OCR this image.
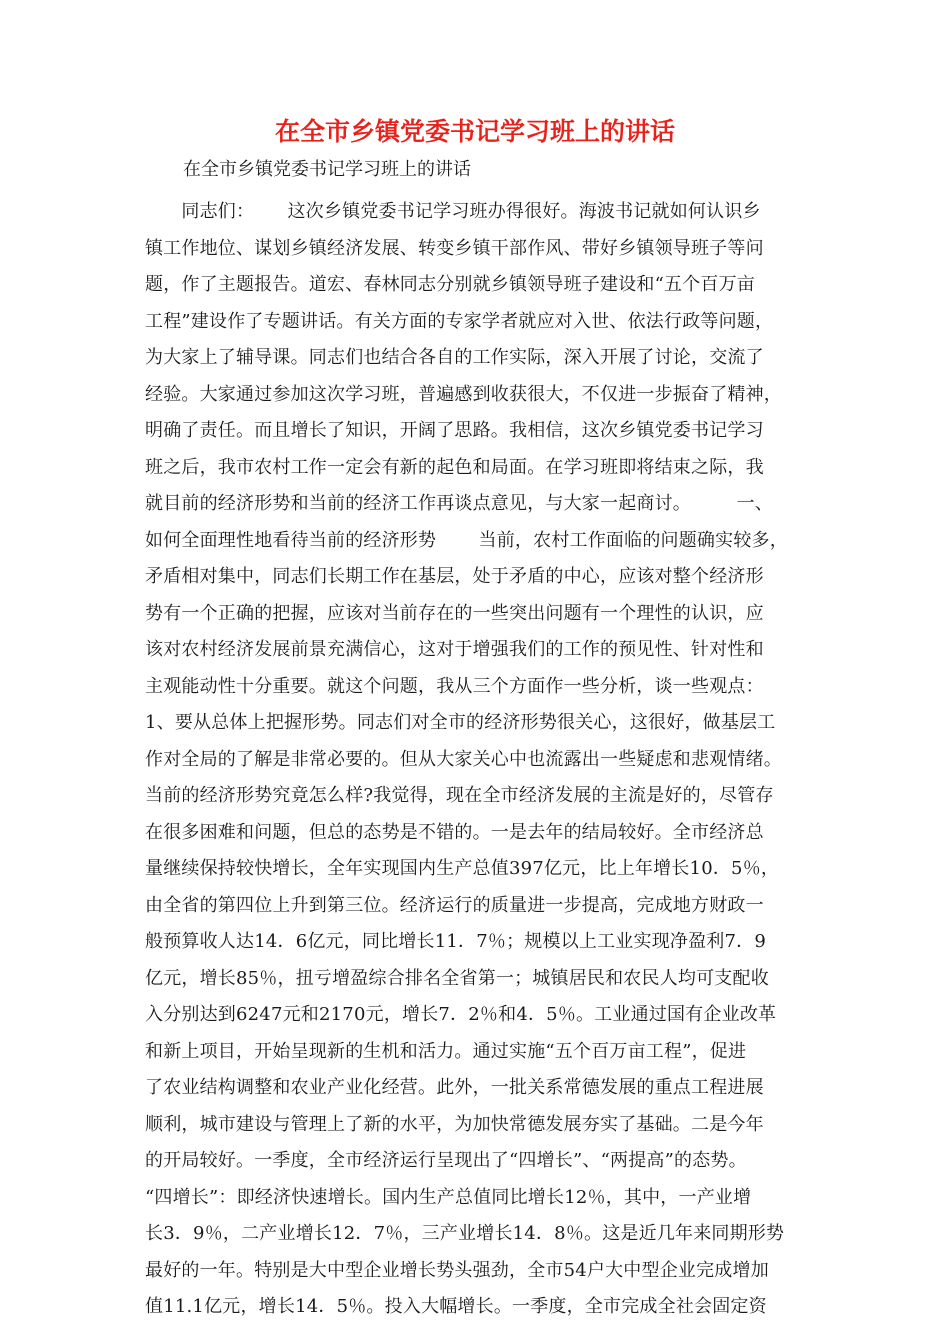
在全市乡镇党委书记学习班上的讲话

在全市乡镇党委书记学习班上的讲话

　　同志们：　　 这次乡镇党委书记学习班办得很好。海波书记就如何认识乡
镇工作地位、谋划乡镇经济发展、转变乡镇干部作风、带好乡镇领导班子等问
题，作了主题报告。道宏、春林同志分别就乡镇领导班子建设和“五个百万亩
工程”建设作了专题讲话。有关方面的专家学者就应对入世、依法行政等问题，
为大家上了辅导课。同志们也结合各自的工作实际，深入开展了讨论，交流了
经验。大家通过参加这次学习班，普遍感到收获很大，不仅进一步振奋了精神，
明确了责任。而且增长了知识，开阔了思路。我相信，这次乡镇党委书记学习
班之后，我市农村工作一定会有新的起色和局面。在学习班即将结束之际，我
就目前的经济形势和当前的经济工作再谈点意见，与大家一起商讨。　　　一、
如何全面理性地看待当前的经济形势　　 当前，农村工作面临的问题确实较多，
矛盾相对集中，同志们长期工作在基层，处于矛盾的中心，应该对整个经济形
势有一个正确的把握，应该对当前存在的一些突出问题有一个理性的认识，应
该对农村经济发展前景充满信心，这对于增强我们的工作的预见性、针对性和
主观能动性十分重要。就这个问题，我从三个方面作一些分析，谈一些观点：
1、要从总体上把握形势。同志们对全市的经济形势很关心，这很好，做基层工
作对全局的了解是非常必要的。但从大家关心中也流露出一些疑虑和悲观情绪。
当前的经济形势究竟怎么样?我觉得，现在全市经济发展的主流是好的，尽管存
在很多困难和问题，但总的态势是不错的。一是去年的结局较好。全市经济总
量继续保持较快增长，全年实现国内生产总值397亿元，比上年增长10．5％，
由全省的第四位上升到第三位。经济运行的质量进一步提高，完成地方财政一
般预算收人达14．6亿元，同比增长11．7％；规模以上工业实现净盈利7．9
亿元，增长85％，扭亏增盈综合排名全省第一；城镇居民和农民人均可支配收
入分别达到6247元和2170元，增长7．2％和4．5％。工业通过国有企业改革
和新上项目，开始呈现新的生机和活力。通过实施“五个百万亩工程”，促进
了农业结构调整和农业产业化经营。此外，一批关系常德发展的重点工程进展
顺利，城市建设与管理上了新的水平，为加快常德发展夯实了基础。二是今年
的开局较好。一季度，全市经济运行呈现出了“四增长”、“两提高”的态势。
“四增长”：即经济快速增长。国内生产总值同比增长12％，其中，一产业增
长3．9％，二产业增长12．7％，三产业增长14．8％。这是近几年来同期形势
最好的一年。特别是大中型企业增长势头强劲，全市54户大中型企业完成增加
值11.1亿元，增长14．5％。投入大幅增长。一季度，全市完成全社会固定资
